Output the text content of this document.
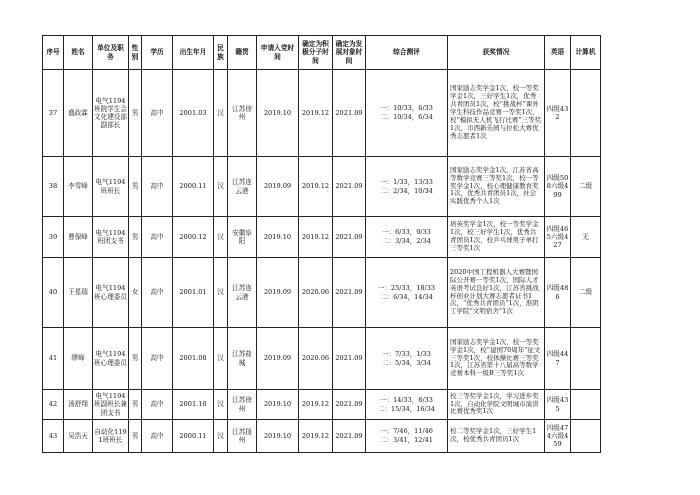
序号	姓名	单位及职务	性别	学历	出生年月	民族	籍贯	申请入党时间	确定为积极分子时间	确定为发展对象时间	综合测评	获奖情况	英语	计算机
37	盛政霖	电气1194班院学生会文化建设部副部长	男	高中	2001.03	汉	江苏徐州	2019.10	2019.12	2021.09	一：10/33，6/33
二：10/34，6/34	国家励志奖学金1次，校一等奖学金1次，三好学生1次，优秀共青团员1次，校“挑战杯”课外学生科技作品竞赛一等奖1次，校“模拟无人机飞行比赛”三等奖1次，市西新乐园与拉松大赛优秀志愿者1次	四级432	
38	李雪峰	电气1194班班长	男	高中	2000.11	汉	江苏连云港	2019.09	2019.12	2021.09	一：1/33，13/33
二：2/34，10/34	国家励志奖学金1次，江苏省高等数学竞赛三等奖1次，校一等奖学金1次，校心理健康教育奖1次，优秀共青团员1次，社会实践优秀个人1次	四级508六级499	二级
39	曹保峰	电气1194班团支书	男	高中	2000.12	汉	安徽阜阳	2019.10	2019.12	2021.09	一：6/33，9/33
二：3/34，2/34	培英奖学金1次，校一等奖学金1次，校三好学生1次，优秀共青团员1次，校乒乓球男子单打三等奖1次	四级465六级427	无
40	王星瑞	电气1194班心理委员	女	高中	2001.01	汉	江苏连云港	2019.09	2020.06	2021.09	一：25/33，18/33
二：6/34，14/34	2020中国工程机器人大赛暨国际公开赛一等奖1次，国际人才英语考试良好1次，江苏省挑战杯创业计划大赛志愿者证书1次，“优秀共青团员”1次，淮阴工学院“文明宿舍”1次	四级486	二级
41	缪峰	电气1194班心理委员	男	高中	2001.08	汉	江苏盐城	2019.09	2020.06	2021.09	一：7/33，1/33
二：5/34，3/34	国家励志奖学金1次，校一等奖学金1次，校“建国70周年”征文三等奖1次，校体操比赛三等奖1次，江苏省第十八届高等数学竞赛本科一级B三等奖1次	四级447	
42	汤舒翔	电气1194班副班长兼团支书	男	高中	2001.10	汉	江苏徐州	2019.10	2019.12	2021.09	一：14/33，8/33
二：15/34，16/34	校三等奖学金1次，学习进步奖1次，自动化学院文明城市演讲比赛优秀奖1次	四级435	
43	吴浩天	自动化1191班班长	男	高中	2000.11	汉	江苏扬州	2019.10	2019.12	2021.09	一：7/46，11/46
二：3/41，12/41	校二等奖学金1次，三好学生1次，校优秀共青团员1次	四级474六级459	
